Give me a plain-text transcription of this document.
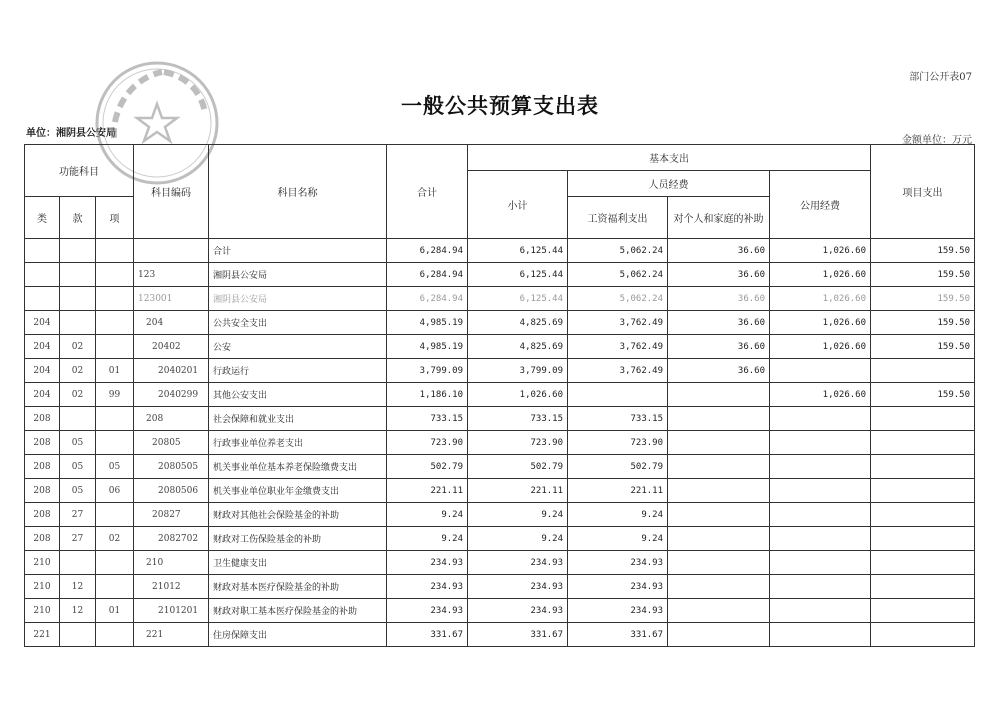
部门公开表07
一般公共预算支出表
单位：湘阴县公安局
金额单位：万元
功能科目			科目编码	科目名称	合计	基本支出				项目支出
						小计	人员经费		公用经费	
类	款	项					工资福利支出	对个人和家庭的补助		
				合计	6,284.94	6,125.44	5,062.24	36.60	1,026.60	159.50
			123	湘阴县公安局	6,284.94	6,125.44	5,062.24	36.60	1,026.60	159.50
			123001	湘阴县公安局	6,284.94	6,125.44	5,062.24	36.60	1,026.60	159.50
204			204	公共安全支出	4,985.19	4,825.69	3,762.49	36.60	1,026.60	159.50
204	02		20402	公安	4,985.19	4,825.69	3,762.49	36.60	1,026.60	159.50
204	02	01	2040201	行政运行	3,799.09	3,799.09	3,762.49	36.60		
204	02	99	2040299	其他公安支出	1,186.10	1,026.60			1,026.60	159.50
208			208	社会保障和就业支出	733.15	733.15	733.15			
208	05		20805	行政事业单位养老支出	723.90	723.90	723.90			
208	05	05	2080505	机关事业单位基本养老保险缴费支出	502.79	502.79	502.79			
208	05	06	2080506	机关事业单位职业年金缴费支出	221.11	221.11	221.11			
208	27		20827	财政对其他社会保险基金的补助	9.24	9.24	9.24			
208	27	02	2082702	财政对工伤保险基金的补助	9.24	9.24	9.24			
210			210	卫生健康支出	234.93	234.93	234.93			
210	12		21012	财政对基本医疗保险基金的补助	234.93	234.93	234.93			
210	12	01	2101201	财政对职工基本医疗保险基金的补助	234.93	234.93	234.93			
221			221	住房保障支出	331.67	331.67	331.67			
